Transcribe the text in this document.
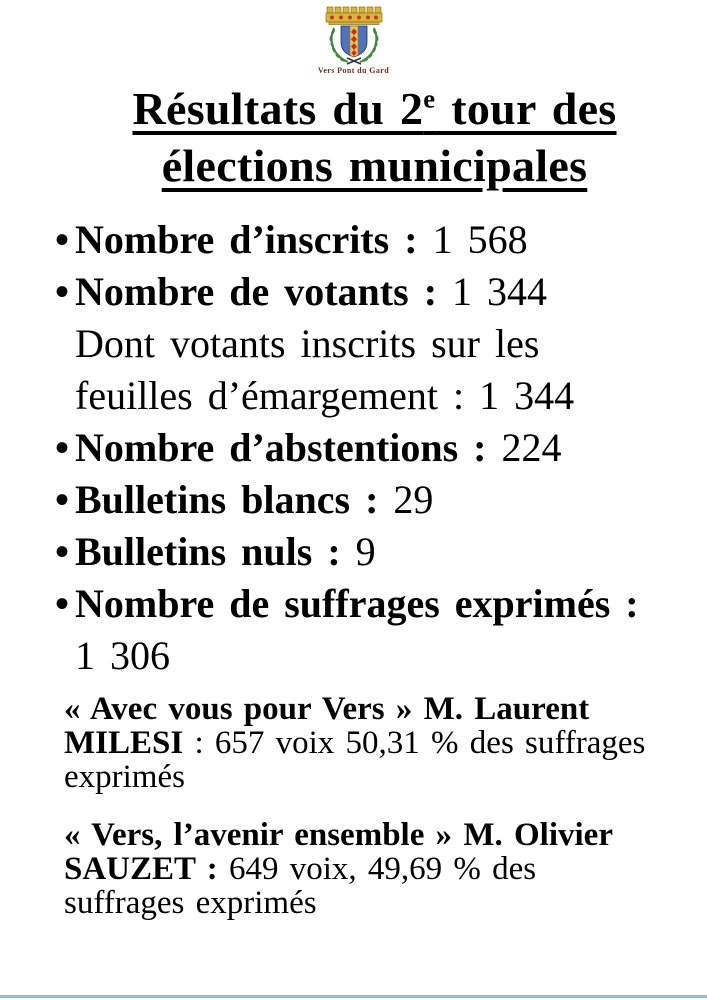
Vers Pont du Gard
Résultats du 2e tour des
élections municipales
• Nombre d’inscrits : 1 568
• Nombre de votants : 1 344
Dont votants inscrits sur les feuilles d’émargement : 1 344
• Nombre d’abstentions : 224
• Bulletins blancs : 29
• Bulletins nuls : 9
• Nombre de suffrages exprimés : 1 306

« Avec vous pour Vers » M. Laurent MILESI : 657 voix 50,31 % des suffrages exprimés

« Vers, l’avenir ensemble » M. Olivier SAUZET : 649 voix, 49,69 % des suffrages exprimés
